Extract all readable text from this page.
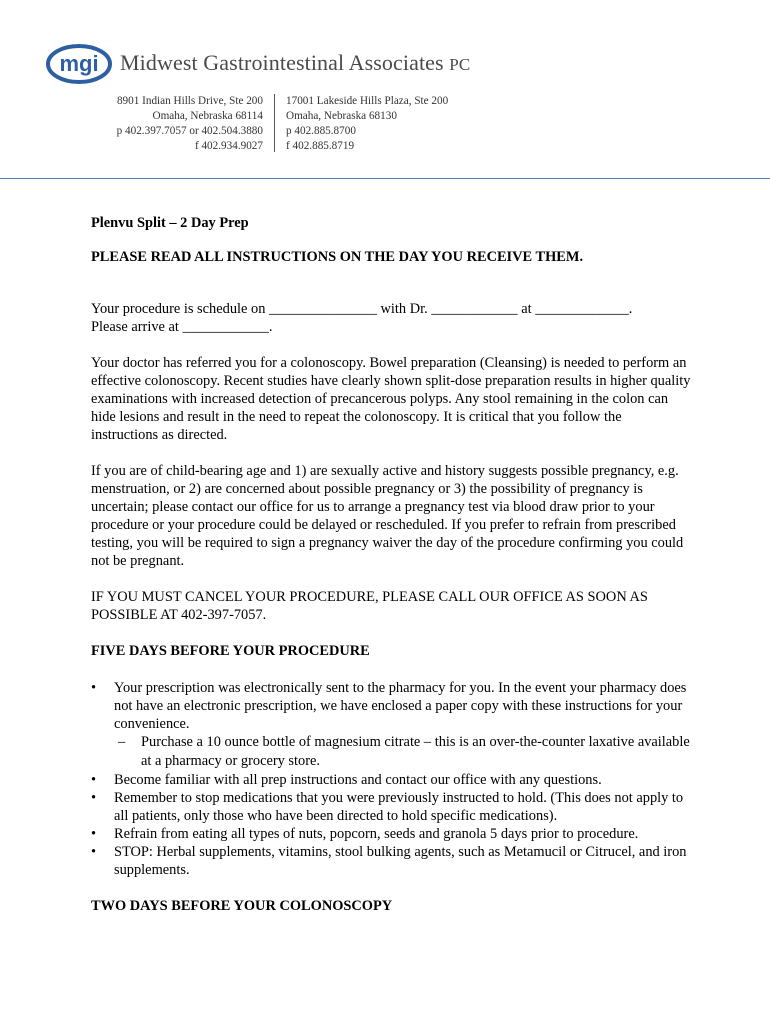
mgi Midwest Gastrointestinal Associates PC
8901 Indian Hills Drive, Ste 200
Omaha, Nebraska 68114
p 402.397.7057 or 402.504.3880
f 402.934.9027
17001 Lakeside Hills Plaza, Ste 200
Omaha, Nebraska 68130
p 402.885.8700
f 402.885.8719

Plenvu Split – 2 Day Prep

PLEASE READ ALL INSTRUCTIONS ON THE DAY YOU RECEIVE THEM.

Your procedure is schedule on _______________ with Dr. ____________ at _____________.

Please arrive at ____________.

Your doctor has referred you for a colonoscopy. Bowel preparation (Cleansing) is needed to perform an effective colonoscopy. Recent studies have clearly shown split-dose preparation results in higher quality examinations with increased detection of precancerous polyps. Any stool remaining in the colon can hide lesions and result in the need to repeat the colonoscopy. It is critical that you follow the instructions as directed.

If you are of child-bearing age and 1) are sexually active and history suggests possible pregnancy, e.g. menstruation, or 2) are concerned about possible pregnancy or 3) the possibility of pregnancy is uncertain; please contact our office for us to arrange a pregnancy test via blood draw prior to your procedure or your procedure could be delayed or rescheduled. If you prefer to refrain from prescribed testing, you will be required to sign a pregnancy waiver the day of the procedure confirming you could not be pregnant.

IF YOU MUST CANCEL YOUR PROCEDURE, PLEASE CALL OUR OFFICE AS SOON AS POSSIBLE AT 402-397-7057.

FIVE DAYS BEFORE YOUR PROCEDURE

• Your prescription was electronically sent to the pharmacy for you. In the event your pharmacy does not have an electronic prescription, we have enclosed a paper copy with these instructions for your convenience.
– Purchase a 10 ounce bottle of magnesium citrate – this is an over-the-counter laxative available at a pharmacy or grocery store.
• Become familiar with all prep instructions and contact our office with any questions.
• Remember to stop medications that you were previously instructed to hold. (This does not apply to all patients, only those who have been directed to hold specific medications).
• Refrain from eating all types of nuts, popcorn, seeds and granola 5 days prior to procedure.
• STOP: Herbal supplements, vitamins, stool bulking agents, such as Metamucil or Citrucel, and iron supplements.

TWO DAYS BEFORE YOUR COLONOSCOPY
